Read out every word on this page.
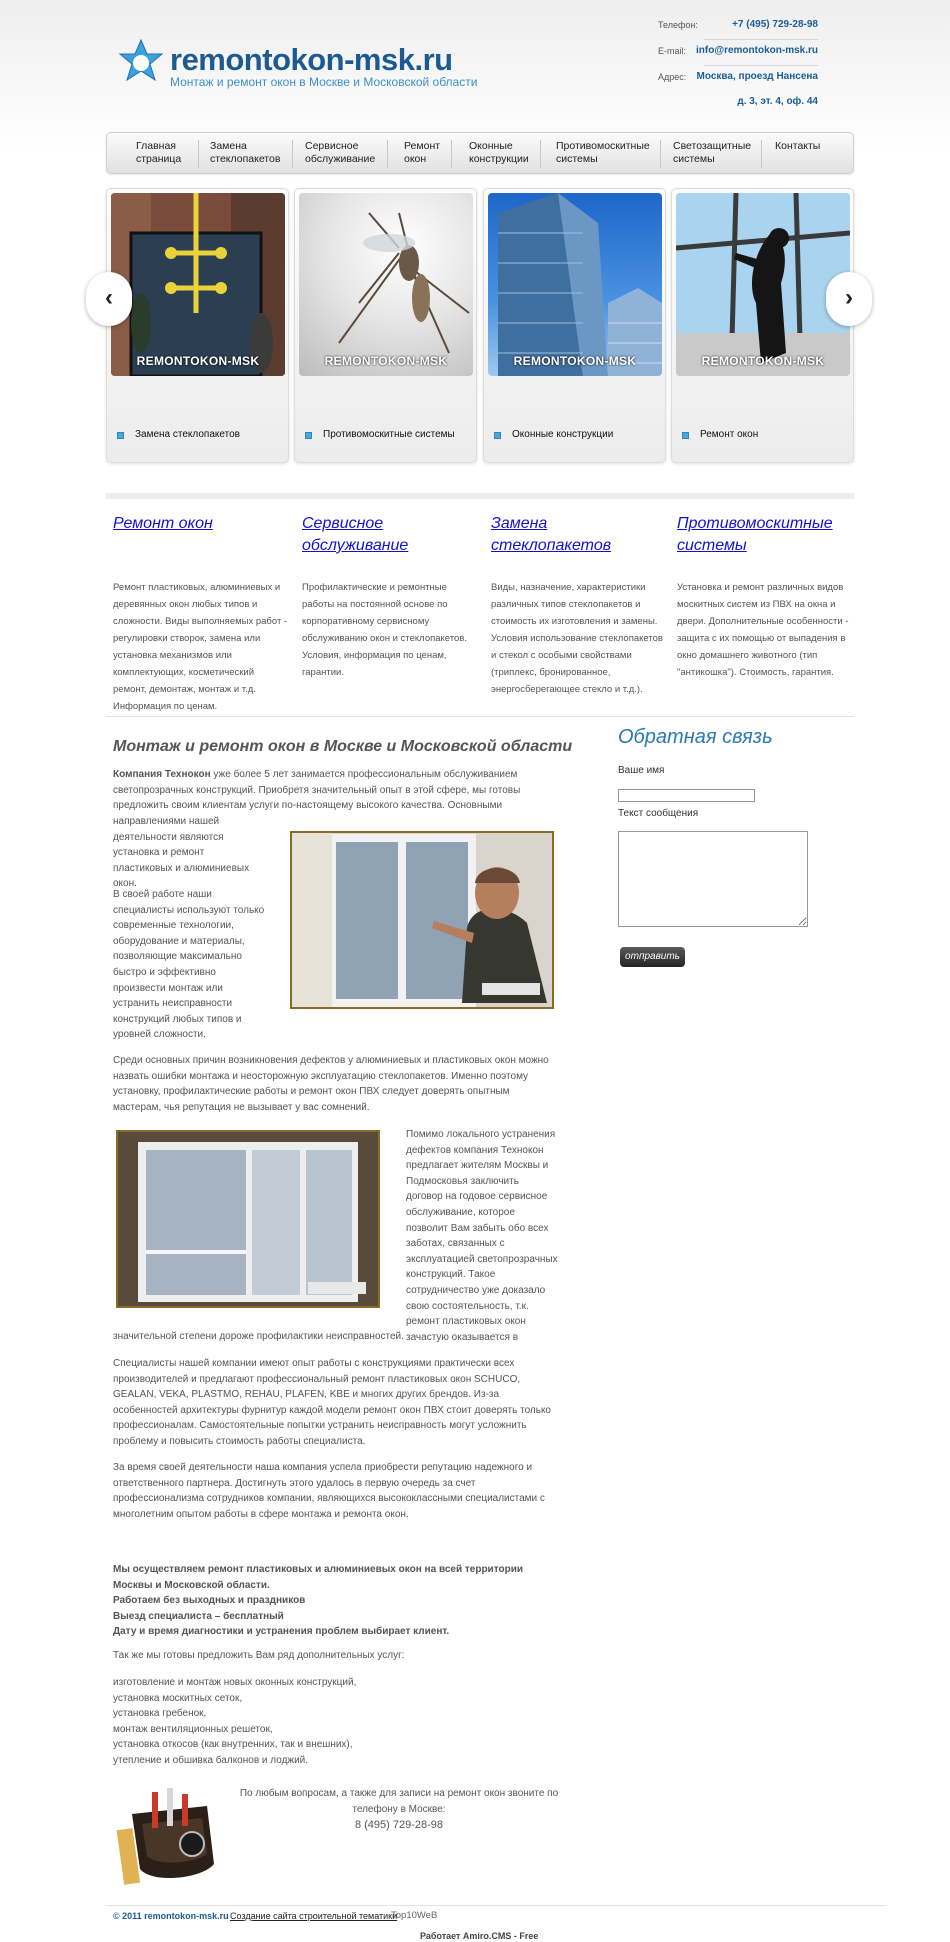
remontokon-msk.ru
Монтаж и ремонт окон в Москве и Московской области
Телефон:	+7 (495) 729-28-98
E-mail: info@remontokon-msk.ru
Адрес: Москва, проезд Нансена
д. 3, эт. 4, оф. 44
Главная
страница
Замена
стеклопакетов
Сервисное
обслуживание
Ремонт
окон
Оконные
конструкции
Противомоскитные
системы
Светозащитные
системы
Контакты

REMONTOKON-MSK
Замена стеклопакетов
REMONTOKON-MSK
Противомоскитные системы
REMONTOKON-MSK
Оконные конструкции
REMONTOKON-MSK
Ремонт окон
‹	›
Ремонт окон
Ремонт пластиковых, алюминиевых и деревянных окон любых типов и сложности. Виды выполняемых работ - регулировки створок, замена или установка механизмов или комплектующих, косметический ремонт, демонтаж, монтаж и т.д. Информация по ценам.
Сервисное обслуживание
Профилактические и ремонтные работы на постоянной основе по корпоративному сервисному обслуживанию окон и стеклопакетов. Условия, информация по ценам, гарантии.
Замена стеклопакетов
Виды, назначение, характеристики различных типов стеклопакетов и стоимость их изготовления и замены. Условия использование стеклопакетов и стекол с особыми свойствами (триплекс, бронированное, энергосберегающее стекло и т.д.).
Противомоскитные системы
Установка и ремонт различных видов москитных систем из ПВХ на окна и двери. Дополнительные особенности - защита с их помощью от выпадения в окно домашнего животного (тип "антикошка"). Стоимость, гарантия.
Монтаж и ремонт окон в Москве и Московской области
Компания Технокон уже более 5 лет занимается профессиональным обслуживанием светопрозрачных конструкций. Приобретя значительный опыт в этой сфере, мы готовы предложить своим клиентам услуги по-настоящему высокого качества. Основными
направлениями нашей деятельности являются установка и ремонт пластиковых и алюминиевых окон.
В своей работе наши специалисты используют только современные технологии, оборудование и материалы, позволяющие максимально быстро и эффективно произвести монтаж или устранить неисправности конструкций любых типов и уровней сложности.
Среди основных причин возникновения дефектов у алюминиевых и пластиковых окон можно назвать ошибки монтажа и неосторожную эксплуатацию стеклопакетов. Именно поэтому установку, профилактические работы и ремонт окон ПВХ следует доверять опытным мастерам, чья репутация не вызывает у вас сомнений.
Помимо локального устранения дефектов компания Технокон предлагает жителям Москвы и Подмосковья заключить договор на годовое сервисное обслуживание, которое позволит Вам забыть обо всех заботах, связанных с эксплуатацией светопрозрачных конструкций. Такое сотрудничество уже доказало свою состоятельность, т.к. ремонт пластиковых окон зачастую оказывается в
значительной степени дороже профилактики неисправностей.
Специалисты нашей компании имеют опыт работы с конструкциями практически всех производителей и предлагают профессиональный ремонт пластиковых окон SCHUCO, GEALAN, VEKA, PLASTMO, REHAU, PLAFEN, KBE и многих других брендов. Из-за особенностей архитектуры фурнитур каждой модели ремонт окон ПВХ стоит доверять только профессионалам. Самостоятельные попытки устранить неисправность могут усложнить проблему и повысить стоимость работы специалиста.
За время своей деятельности наша компания успела приобрести репутацию надежного и ответственного партнера. Достигнуть этого удалось в первую очередь за счет профессионализма сотрудников компании, являющихся высококлассными специалистами с многолетним опытом работы в сфере монтажа и ремонта окон.
Мы осуществляем ремонт пластиковых и алюминиевых окон на всей территории
Москвы и Московской области.
Работаем без выходных и праздников
Выезд специалиста – бесплатный
Дату и время диагностики и устранения проблем выбирает клиент.
Так же мы готовы предложить Вам ряд дополнительных услуг:
изготовление и монтаж новых оконных конструкций,
установка москитных сеток,
установка гребенок,
монтаж вентиляционных решеток,
установка откосов (как внутренних, так и внешних),
утепление и обшивка балконов и лоджий.
По любым вопросам, а также для записи на ремонт окон звоните по телефону в Москве:
8 (495) 729-28-98
Обратная связь
Ваше имя
Текст сообщения
отправить
© 2011 remontokon-msk.ru Создание сайта строительной тематики
Top10WeB
Работает Amiro.CMS - Free
